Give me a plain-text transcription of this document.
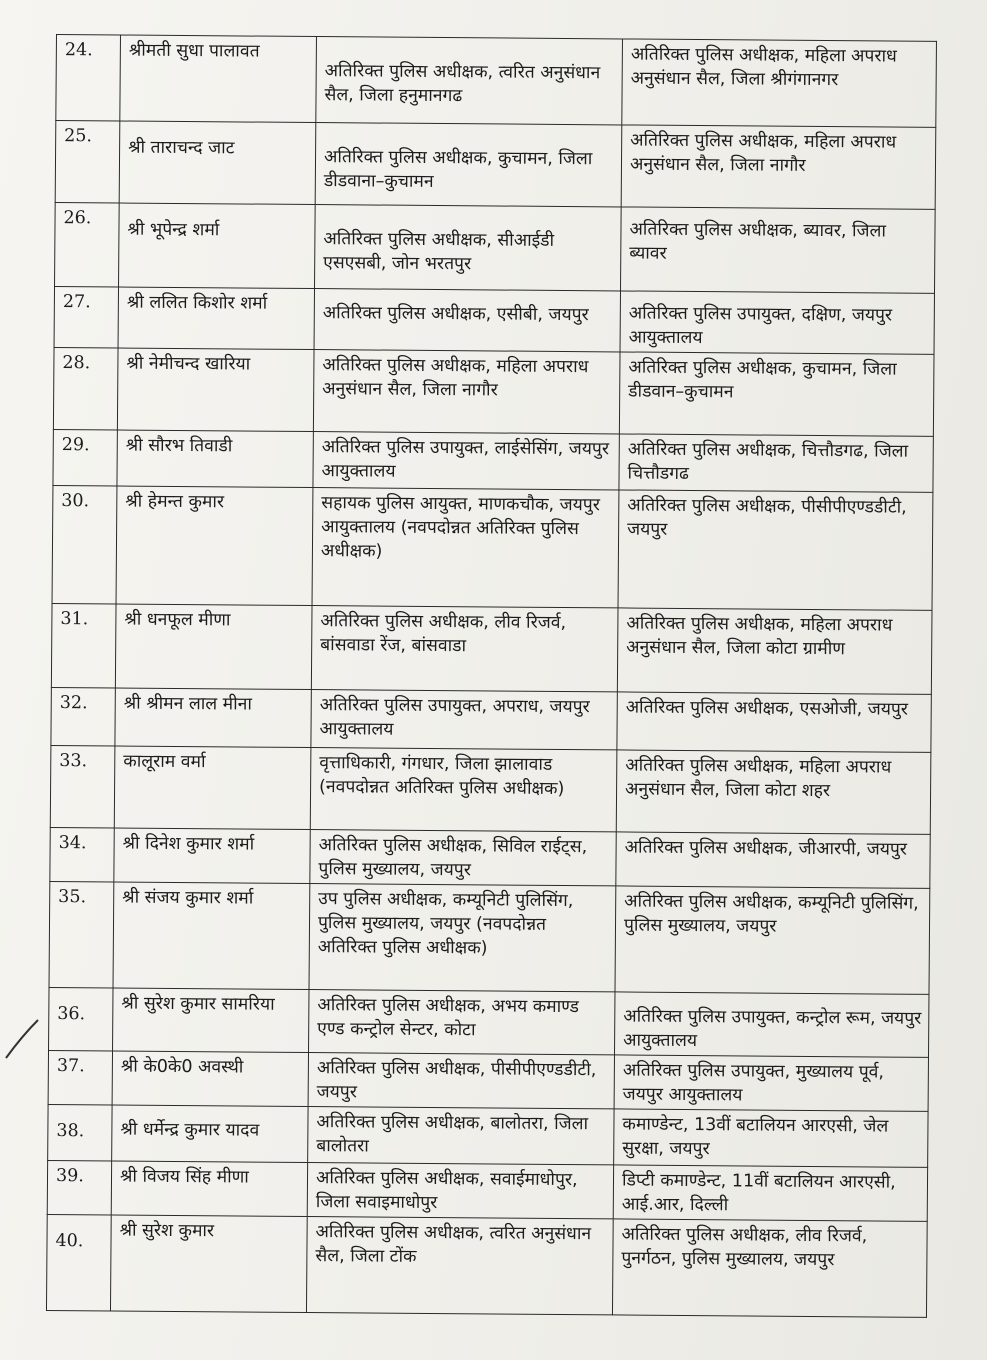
24.	श्रीमती सुधा पालावत	अतिरिक्त पुलिस अधीक्षक, त्वरित अनुसंधान सैल, जिला हनुमानगढ	अतिरिक्त पुलिस अधीक्षक, महिला अपराध अनुसंधान सैल, जिला श्रीगंगानगर
25.	श्री ताराचन्द जाट	अतिरिक्त पुलिस अधीक्षक, कुचामन, जिला डीडवाना–कुचामन	अतिरिक्त पुलिस अधीक्षक, महिला अपराध अनुसंधान सैल, जिला नागौर
26.	श्री भूपेन्द्र शर्मा	अतिरिक्त पुलिस अधीक्षक, सीआईडी एसएसबी, जोन भरतपुर	अतिरिक्त पुलिस अधीक्षक, ब्यावर, जिला ब्यावर
27.	श्री ललित किशोर शर्मा	अतिरिक्त पुलिस अधीक्षक, एसीबी, जयपुर	अतिरिक्त पुलिस उपायुक्त, दक्षिण, जयपुर आयुक्तालय
28.	श्री नेमीचन्द खारिया	अतिरिक्त पुलिस अधीक्षक, महिला अपराध अनुसंधान सैल, जिला नागौर	अतिरिक्त पुलिस अधीक्षक, कुचामन, जिला डीडवान–कुचामन
29.	श्री सौरभ तिवाडी	अतिरिक्त पुलिस उपायुक्त, लाईसेसिंग, जयपुर आयुक्तालय	अतिरिक्त पुलिस अधीक्षक, चित्तौडगढ, जिला चित्तौडगढ
30.	श्री हेमन्त कुमार	सहायक पुलिस आयुक्त, माणकचौक, जयपुर आयुक्तालय (नवपदोन्नत अतिरिक्त पुलिस अधीक्षक)	अतिरिक्त पुलिस अधीक्षक, पीसीपीएण्डडीटी, जयपुर
31.	श्री धनफूल मीणा	अतिरिक्त पुलिस अधीक्षक, लीव रिजर्व, बांसवाडा रेंज, बांसवाडा	अतिरिक्त पुलिस अधीक्षक, महिला अपराध अनुसंधान सैल, जिला कोटा ग्रामीण
32.	श्री श्रीमन लाल मीना	अतिरिक्त पुलिस उपायुक्त, अपराध, जयपुर आयुक्तालय	अतिरिक्त पुलिस अधीक्षक, एसओजी, जयपुर
33.	कालूराम वर्मा	वृत्ताधिकारी, गंगधार, जिला झालावाड (नवपदोन्नत अतिरिक्त पुलिस अधीक्षक)	अतिरिक्त पुलिस अधीक्षक, महिला अपराध अनुसंधान सैल, जिला कोटा शहर
34.	श्री दिनेश कुमार शर्मा	अतिरिक्त पुलिस अधीक्षक, सिविल राईट्स, पुलिस मुख्यालय, जयपुर	अतिरिक्त पुलिस अधीक्षक, जीआरपी, जयपुर
35.	श्री संजय कुमार शर्मा	उप पुलिस अधीक्षक, कम्यूनिटी पुलिसिंग, पुलिस मुख्यालय, जयपुर (नवपदोन्नत अतिरिक्त पुलिस अधीक्षक)	अतिरिक्त पुलिस अधीक्षक, कम्यूनिटी पुलिसिंग, पुलिस मुख्यालय, जयपुर
36.	श्री सुरेश कुमार सामरिया	अतिरिक्त पुलिस अधीक्षक, अभय कमाण्ड एण्ड कन्ट्रोल सेन्टर, कोटा	अतिरिक्त पुलिस उपायुक्त, कन्ट्रोल रूम, जयपुर आयुक्तालय
37.	श्री के0के0 अवस्थी	अतिरिक्त पुलिस अधीक्षक, पीसीपीएण्डडीटी, जयपुर	अतिरिक्त पुलिस उपायुक्त, मुख्यालय पूर्व, जयपुर आयुक्तालय
38.	श्री धर्मेन्द्र कुमार यादव	अतिरिक्त पुलिस अधीक्षक, बालोतरा, जिला बालोतरा	कमाण्डेन्ट, 13वीं बटालियन आरएसी, जेल सुरक्षा, जयपुर
39.	श्री विजय सिंह मीणा	अतिरिक्त पुलिस अधीक्षक, सवाईमाधोपुर, जिला सवाइमाधोपुर	डिप्टी कमाण्डेन्ट, 11वीं बटालियन आरएसी, आई.आर, दिल्ली
40.	श्री सुरेश कुमार	अतिरिक्त पुलिस अधीक्षक, त्वरित अनुसंधान सैल, जिला टोंक	अतिरिक्त पुलिस अधीक्षक, लीव रिजर्व, पुनर्गठन, पुलिस मुख्यालय, जयपुर
